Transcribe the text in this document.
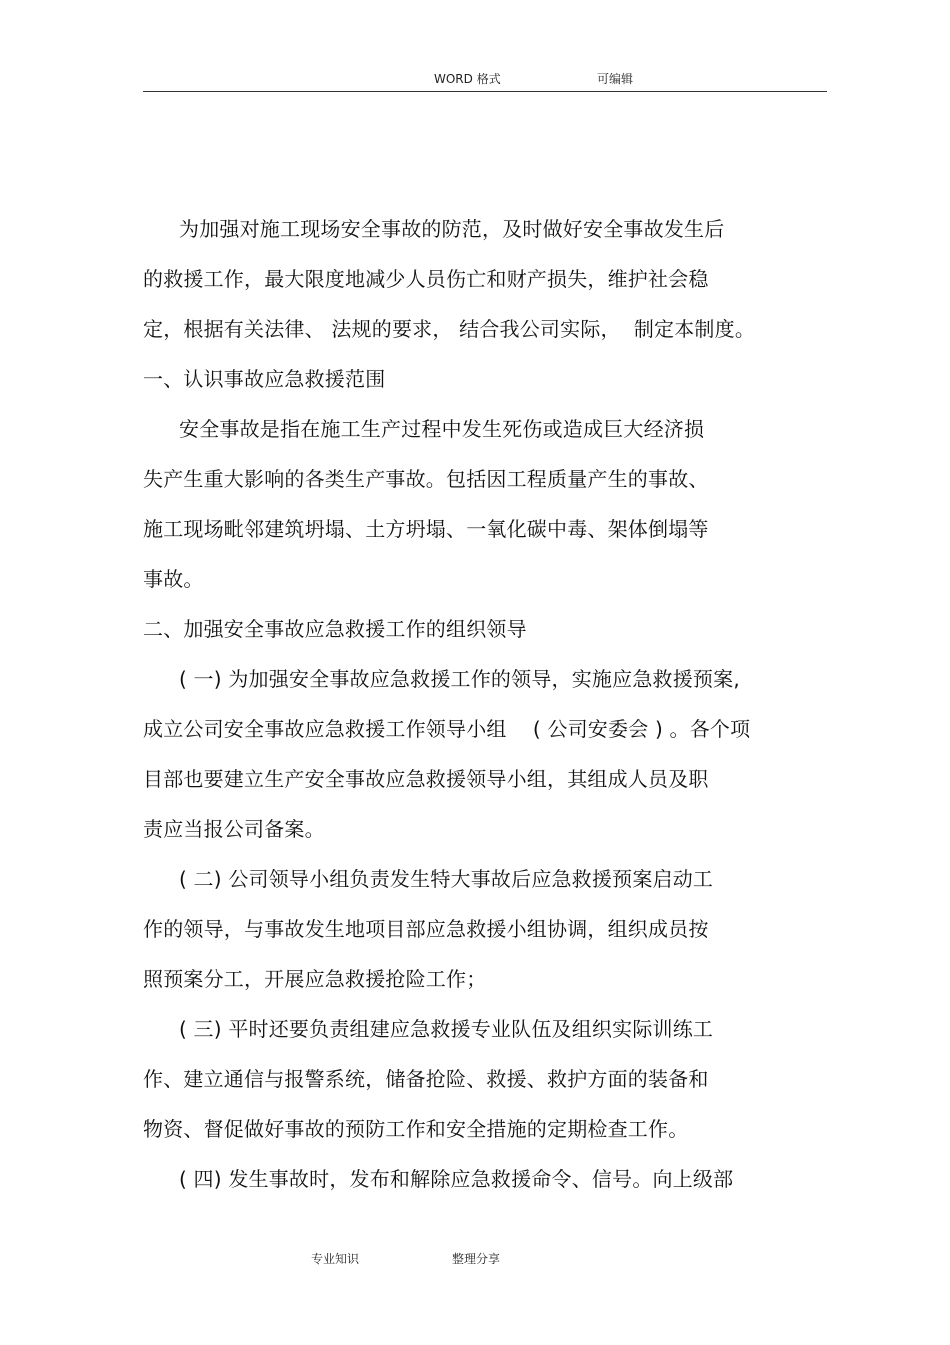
WORD 格式	可编辑
为加强对施工现场安全事故的防范，及时做好安全事故发生后
的救援工作，最大限度地减少人员伤亡和财产损失，维护社会稳
定，根据有关法律、 法规的要求， 结合我公司实际，  制定本制度。
一、认识事故应急救援范围
安全事故是指在施工生产过程中发生死伤或造成巨大经济损
失产生重大影响的各类生产事故。包括因工程质量产生的事故、
施工现场毗邻建筑坍塌、土方坍塌、一氧化碳中毒、架体倒塌等
事故。
二、加强安全事故应急救援工作的组织领导
( 一) 为加强安全事故应急救援工作的领导，实施应急救援预案,
成立公司安全事故应急救援工作领导小组    ( 公司安委会 ) 。各个项
目部也要建立生产安全事故应急救援领导小组，其组成人员及职
责应当报公司备案。
( 二) 公司领导小组负责发生特大事故后应急救援预案启动工
作的领导，与事故发生地项目部应急救援小组协调，组织成员按
照预案分工，开展应急救援抢险工作；
( 三) 平时还要负责组建应急救援专业队伍及组织实际训练工
作、建立通信与报警系统，储备抢险、救援、救护方面的装备和
物资、督促做好事故的预防工作和安全措施的定期检查工作。
( 四) 发生事故时，发布和解除应急救援命令、信号。向上级部
专业知识	整理分享
